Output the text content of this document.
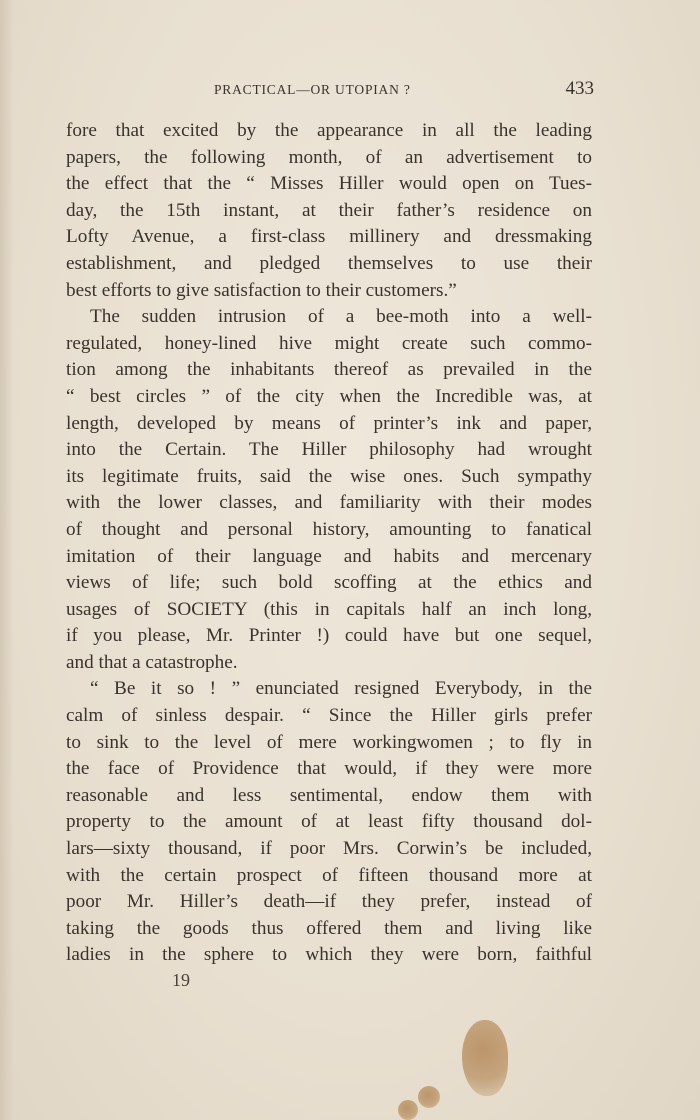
PRACTICAL—OR UTOPIAN ?	433
fore that excited by the appearance in all the leading
papers, the following month, of an advertisement to
the effect that the “ Misses Hiller would open on Tues-
day, the 15th instant, at their father’s residence on
Lofty Avenue, a first-class millinery and dressmaking
establishment, and pledged themselves to use their
best efforts to give satisfaction to their customers.”
The sudden intrusion of a bee-moth into a well-
regulated, honey-lined hive might create such commo-
tion among the inhabitants thereof as prevailed in the
“ best circles ” of the city when the Incredible was, at
length, developed by means of printer’s ink and paper,
into the Certain. The Hiller philosophy had wrought
its legitimate fruits, said the wise ones. Such sympathy
with the lower classes, and familiarity with their modes
of thought and personal history, amounting to fanatical
imitation of their language and habits and mercenary
views of life; such bold scoffing at the ethics and
usages of SOCIETY (this in capitals half an inch long,
if you please, Mr. Printer !) could have but one sequel,
and that a catastrophe.
“ Be it so ! ” enunciated resigned Everybody, in the
calm of sinless despair. “ Since the Hiller girls prefer
to sink to the level of mere workingwomen ; to fly in
the face of Providence that would, if they were more
reasonable and less sentimental, endow them with
property to the amount of at least fifty thousand dol-
lars—sixty thousand, if poor Mrs. Corwin’s be included,
with the certain prospect of fifteen thousand more at
poor Mr. Hiller’s death—if they prefer, instead of
taking the goods thus offered them and living like
ladies in the sphere to which they were born, faithful
19
